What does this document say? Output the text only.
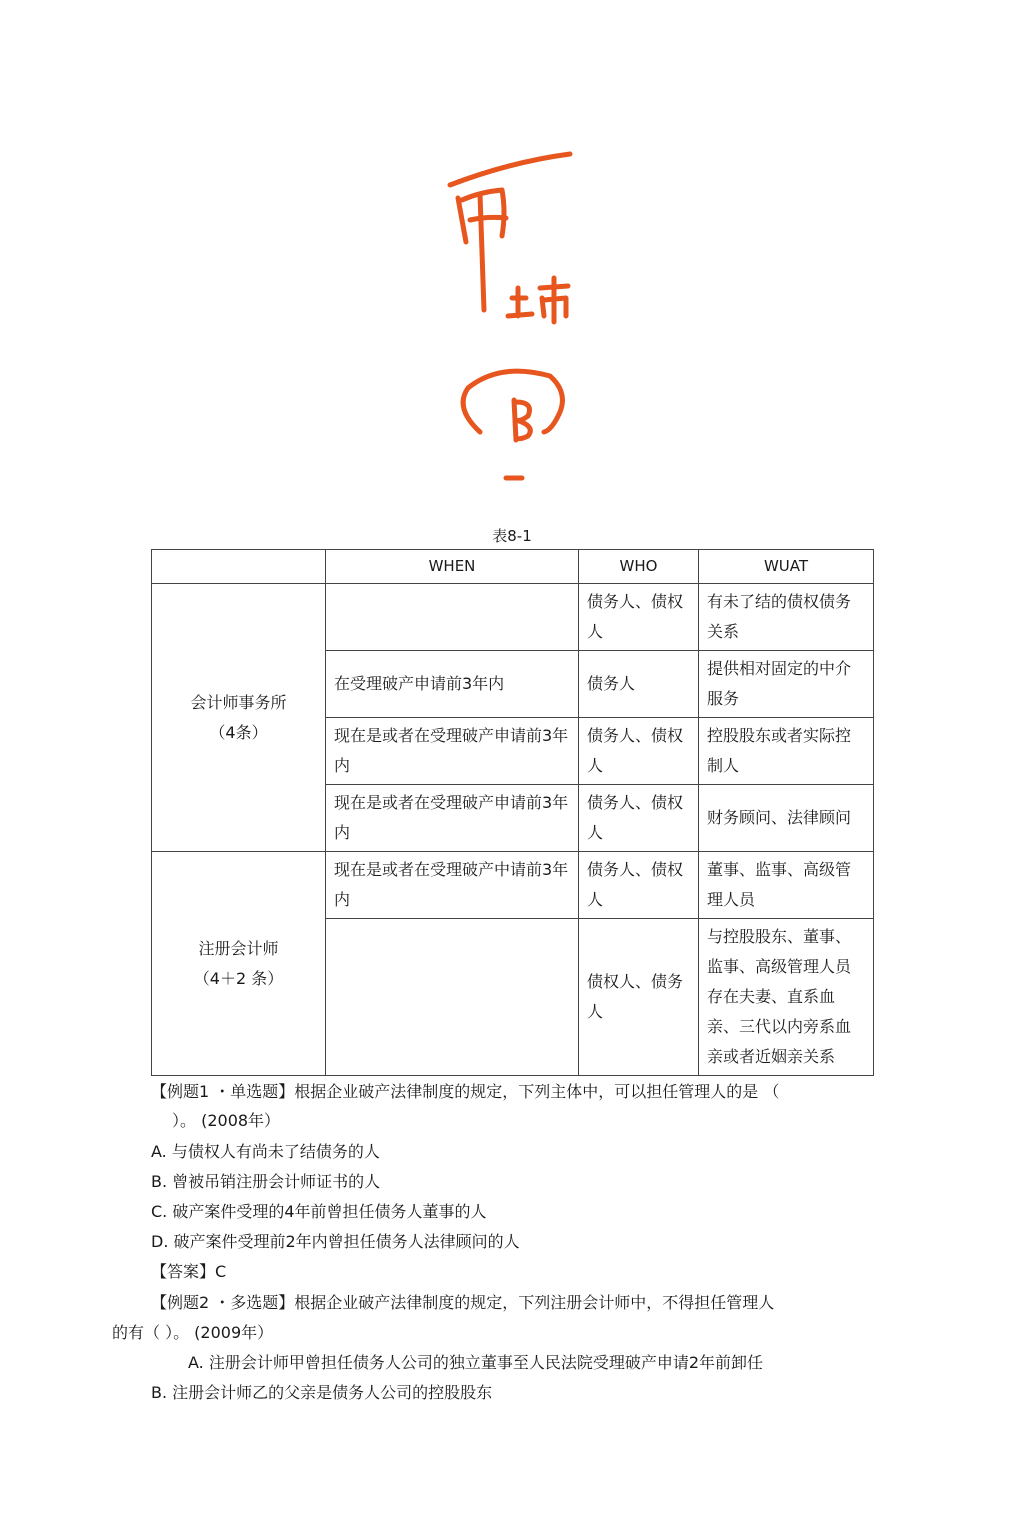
表8-1
	WHEN	WHO	WUAT

会计师事务所
（4条）		债务人、债权人	有未了结的债权债务关系
	在受理破产申请前3年内	债务人	提供相对固定的中介服务
	现在是或者在受理破产申请前3年内	债务人、债权人	控股股东或者实际控制人
	现在是或者在受理破产申请前3年内	债务人、债权人	财务顾问、法律顾问

注册会计师
（4＋2 条）	现在是或者在受理破产中请前3年内	债务人、债权人	董事、监事、高级管理人员
		债权人、债务人	与控股股东、董事、监事、高级管理人员存在夫妻、直系血亲、三代以内旁系血亲或者近姻亲关系
【例题1 ・单选题】根据企业破产法律制度的规定，下列主体中，可以担任管理人的是 （
）。 (2008年）
A. 与债权人有尚未了结债务的人
B. 曾被吊销注册会计师证书的人
C. 破产案件受理的4年前曾担任债务人董事的人
D. 破产案件受理前2年内曾担任债务人法律顾问的人
【答案】C
【例题2 ・多选题】根据企业破产法律制度的规定，下列注册会计师中，不得担任管理人
的有（ ）。 (2009年）
A. 注册会计师甲曾担任债务人公司的独立董事至人民法院受理破产申请2年前卸任
B. 注册会计师乙的父亲是债务人公司的控股股东
